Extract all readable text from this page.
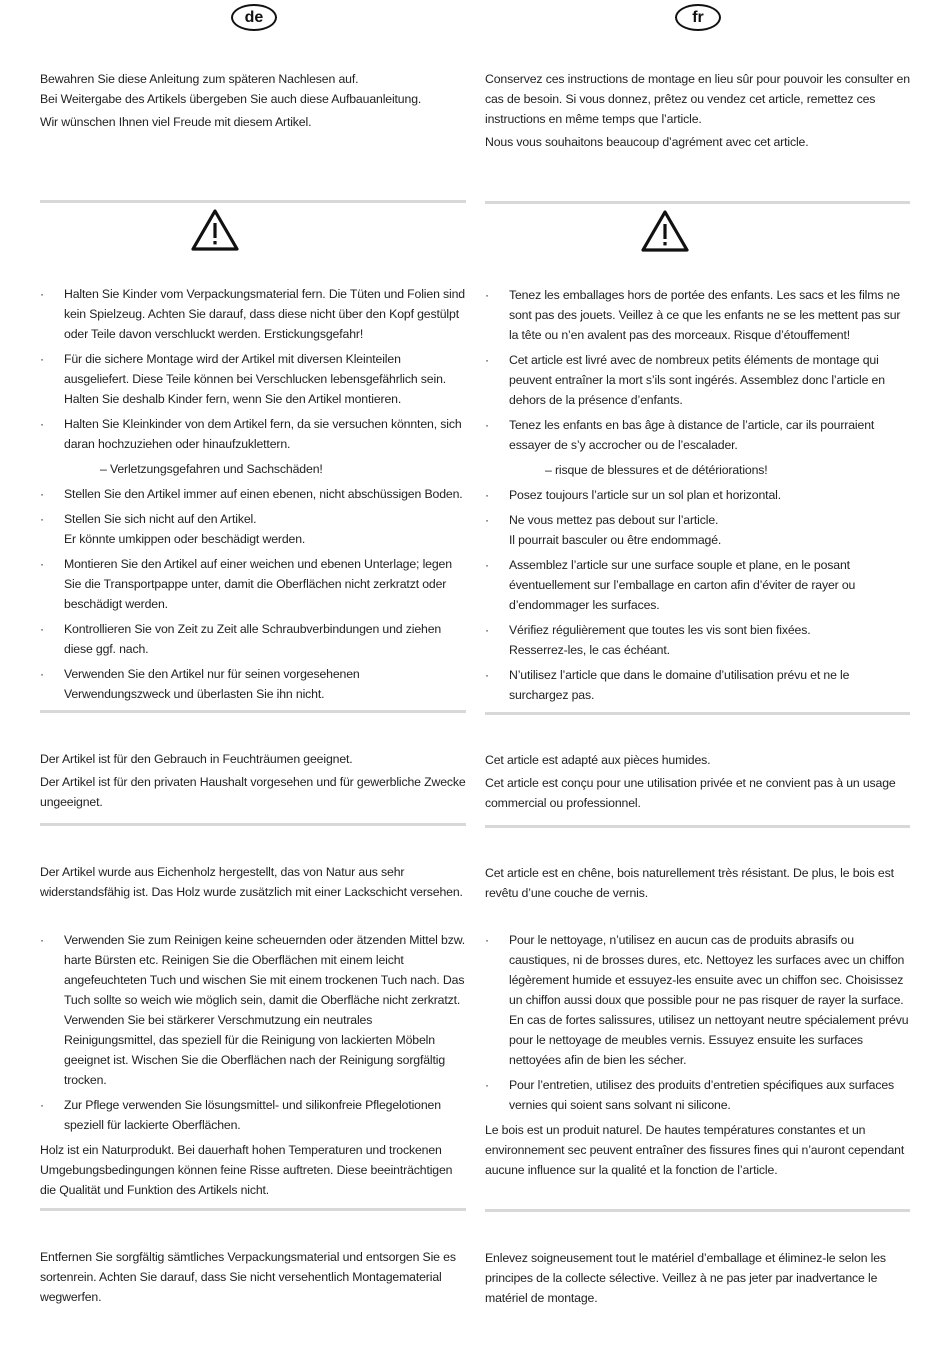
de

Bewahren Sie diese Anleitung zum späteren Nachlesen auf.

Bei Weitergabe des Artikels übergeben Sie auch diese Aufbauanleitung.

Wir wünschen Ihnen viel Freude mit diesem Artikel.

· Halten Sie Kinder vom Verpackungsmaterial fern. Die Tüten und Folien sind kein Spielzeug. Achten Sie darauf, dass diese nicht über den Kopf gestülpt oder Teile davon verschluckt werden. Erstickungsgefahr!
· Für die sichere Montage wird der Artikel mit diversen Kleinteilen ausgeliefert. Diese Teile können bei Verschlucken lebensgefährlich sein. Halten Sie deshalb Kinder fern, wenn Sie den Artikel montieren.
· Halten Sie Kleinkinder von dem Artikel fern, da sie versuchen könnten, sich daran hochzuziehen oder hinaufzuklettern.
– Verletzungsgefahren und Sachschäden!
· Stellen Sie den Artikel immer auf einen ebenen, nicht abschüssigen Boden.
· Stellen Sie sich nicht auf den Artikel.
Er könnte umkippen oder beschädigt werden.
· Montieren Sie den Artikel auf einer weichen und ebenen Unterlage; legen Sie die Transportpappe unter, damit die Oberflächen nicht zerkratzt oder beschädigt werden.
· Kontrollieren Sie von Zeit zu Zeit alle Schraubverbindungen und ziehen diese ggf. nach.
· Verwenden Sie den Artikel nur für seinen vorgesehenen Verwendungszweck und überlasten Sie ihn nicht.

Der Artikel ist für den Gebrauch in Feuchträumen geeignet.

Der Artikel ist für den privaten Haushalt vorgesehen und für gewerbliche Zwecke ungeeignet.

Der Artikel wurde aus Eichenholz hergestellt, das von Natur aus sehr widerstandsfähig ist. Das Holz wurde zusätzlich mit einer Lackschicht versehen.

· Verwenden Sie zum Reinigen keine scheuernden oder ätzenden Mittel bzw. harte Bürsten etc. Reinigen Sie die Oberflächen mit einem leicht angefeuchteten Tuch und wischen Sie mit einem trockenen Tuch nach. Das Tuch sollte so weich wie möglich sein, damit die Oberfläche nicht zerkratzt.
Verwenden Sie bei stärkerer Verschmutzung ein neutrales Reinigungsmittel, das speziell für die Reinigung von lackierten Möbeln geeignet ist. Wischen Sie die Oberflächen nach der Reinigung sorgfältig trocken.
· Zur Pflege verwenden Sie lösungsmittel- und silikonfreie Pflegelotionen speziell für lackierte Oberflächen.

Holz ist ein Naturprodukt. Bei dauerhaft hohen Temperaturen und trockenen Umgebungsbedingungen können feine Risse auftreten. Diese beeinträchtigen die Qualität und Funktion des Artikels nicht.

Entfernen Sie sorgfältig sämtliches Verpackungsmaterial und entsorgen Sie es sortenrein. Achten Sie darauf, dass Sie nicht versehentlich Montagematerial wegwerfen.

fr

Conservez ces instructions de montage en lieu sûr pour pouvoir les consulter en cas de besoin. Si vous donnez, prêtez ou vendez cet article, remettez ces instructions en même temps que l’article.

Nous vous souhaitons beaucoup d’agrément avec cet article.

· Tenez les emballages hors de portée des enfants. Les sacs et les films ne sont pas des jouets. Veillez à ce que les enfants ne se les mettent pas sur la tête ou n’en avalent pas des morceaux. Risque d’étouffement!
· Cet article est livré avec de nombreux petits éléments de montage qui peuvent entraîner la mort s’ils sont ingérés. Assemblez donc l’article en dehors de la présence d’enfants.
· Tenez les enfants en bas âge à distance de l’article, car ils pourraient essayer de s’y accrocher ou de l’escalader.
– risque de blessures et de détériorations!
· Posez toujours l’article sur un sol plan et horizontal.
· Ne vous mettez pas debout sur l’article.
Il pourrait basculer ou être endommagé.
· Assemblez l’article sur une surface souple et plane, en le posant éventuellement sur l’emballage en carton afin d’éviter de rayer ou d’endommager les surfaces.
· Vérifiez régulièrement que toutes les vis sont bien fixées.
Resserrez-les, le cas échéant.
· N’utilisez l’article que dans le domaine d’utilisation prévu et ne le surchargez pas.

Cet article est adapté aux pièces humides.

Cet article est conçu pour une utilisation privée et ne convient pas à un usage commercial ou professionnel.

Cet article est en chêne, bois naturellement très résistant. De plus, le bois est revêtu d’une couche de vernis.

· Pour le nettoyage, n’utilisez en aucun cas de produits abrasifs ou caustiques, ni de brosses dures, etc. Nettoyez les surfaces avec un chiffon légèrement humide et essuyez-les ensuite avec un chiffon sec. Choisissez un chiffon aussi doux que possible pour ne pas risquer de rayer la surface.
En cas de fortes salissures, utilisez un nettoyant neutre spécialement prévu pour le nettoyage de meubles vernis. Essuyez ensuite les surfaces nettoyées afin de bien les sécher.
· Pour l’entretien, utilisez des produits d’entretien spécifiques aux surfaces vernies qui soient sans solvant ni silicone.

Le bois est un produit naturel. De hautes températures constantes et un environnement sec peuvent entraîner des fissures fines qui n’auront cependant aucune influence sur la qualité et la fonction de l’article.

Enlevez soigneusement tout le matériel d’emballage et éliminez-le selon les principes de la collecte sélective. Veillez à ne pas jeter par inadvertance le matériel de montage.
